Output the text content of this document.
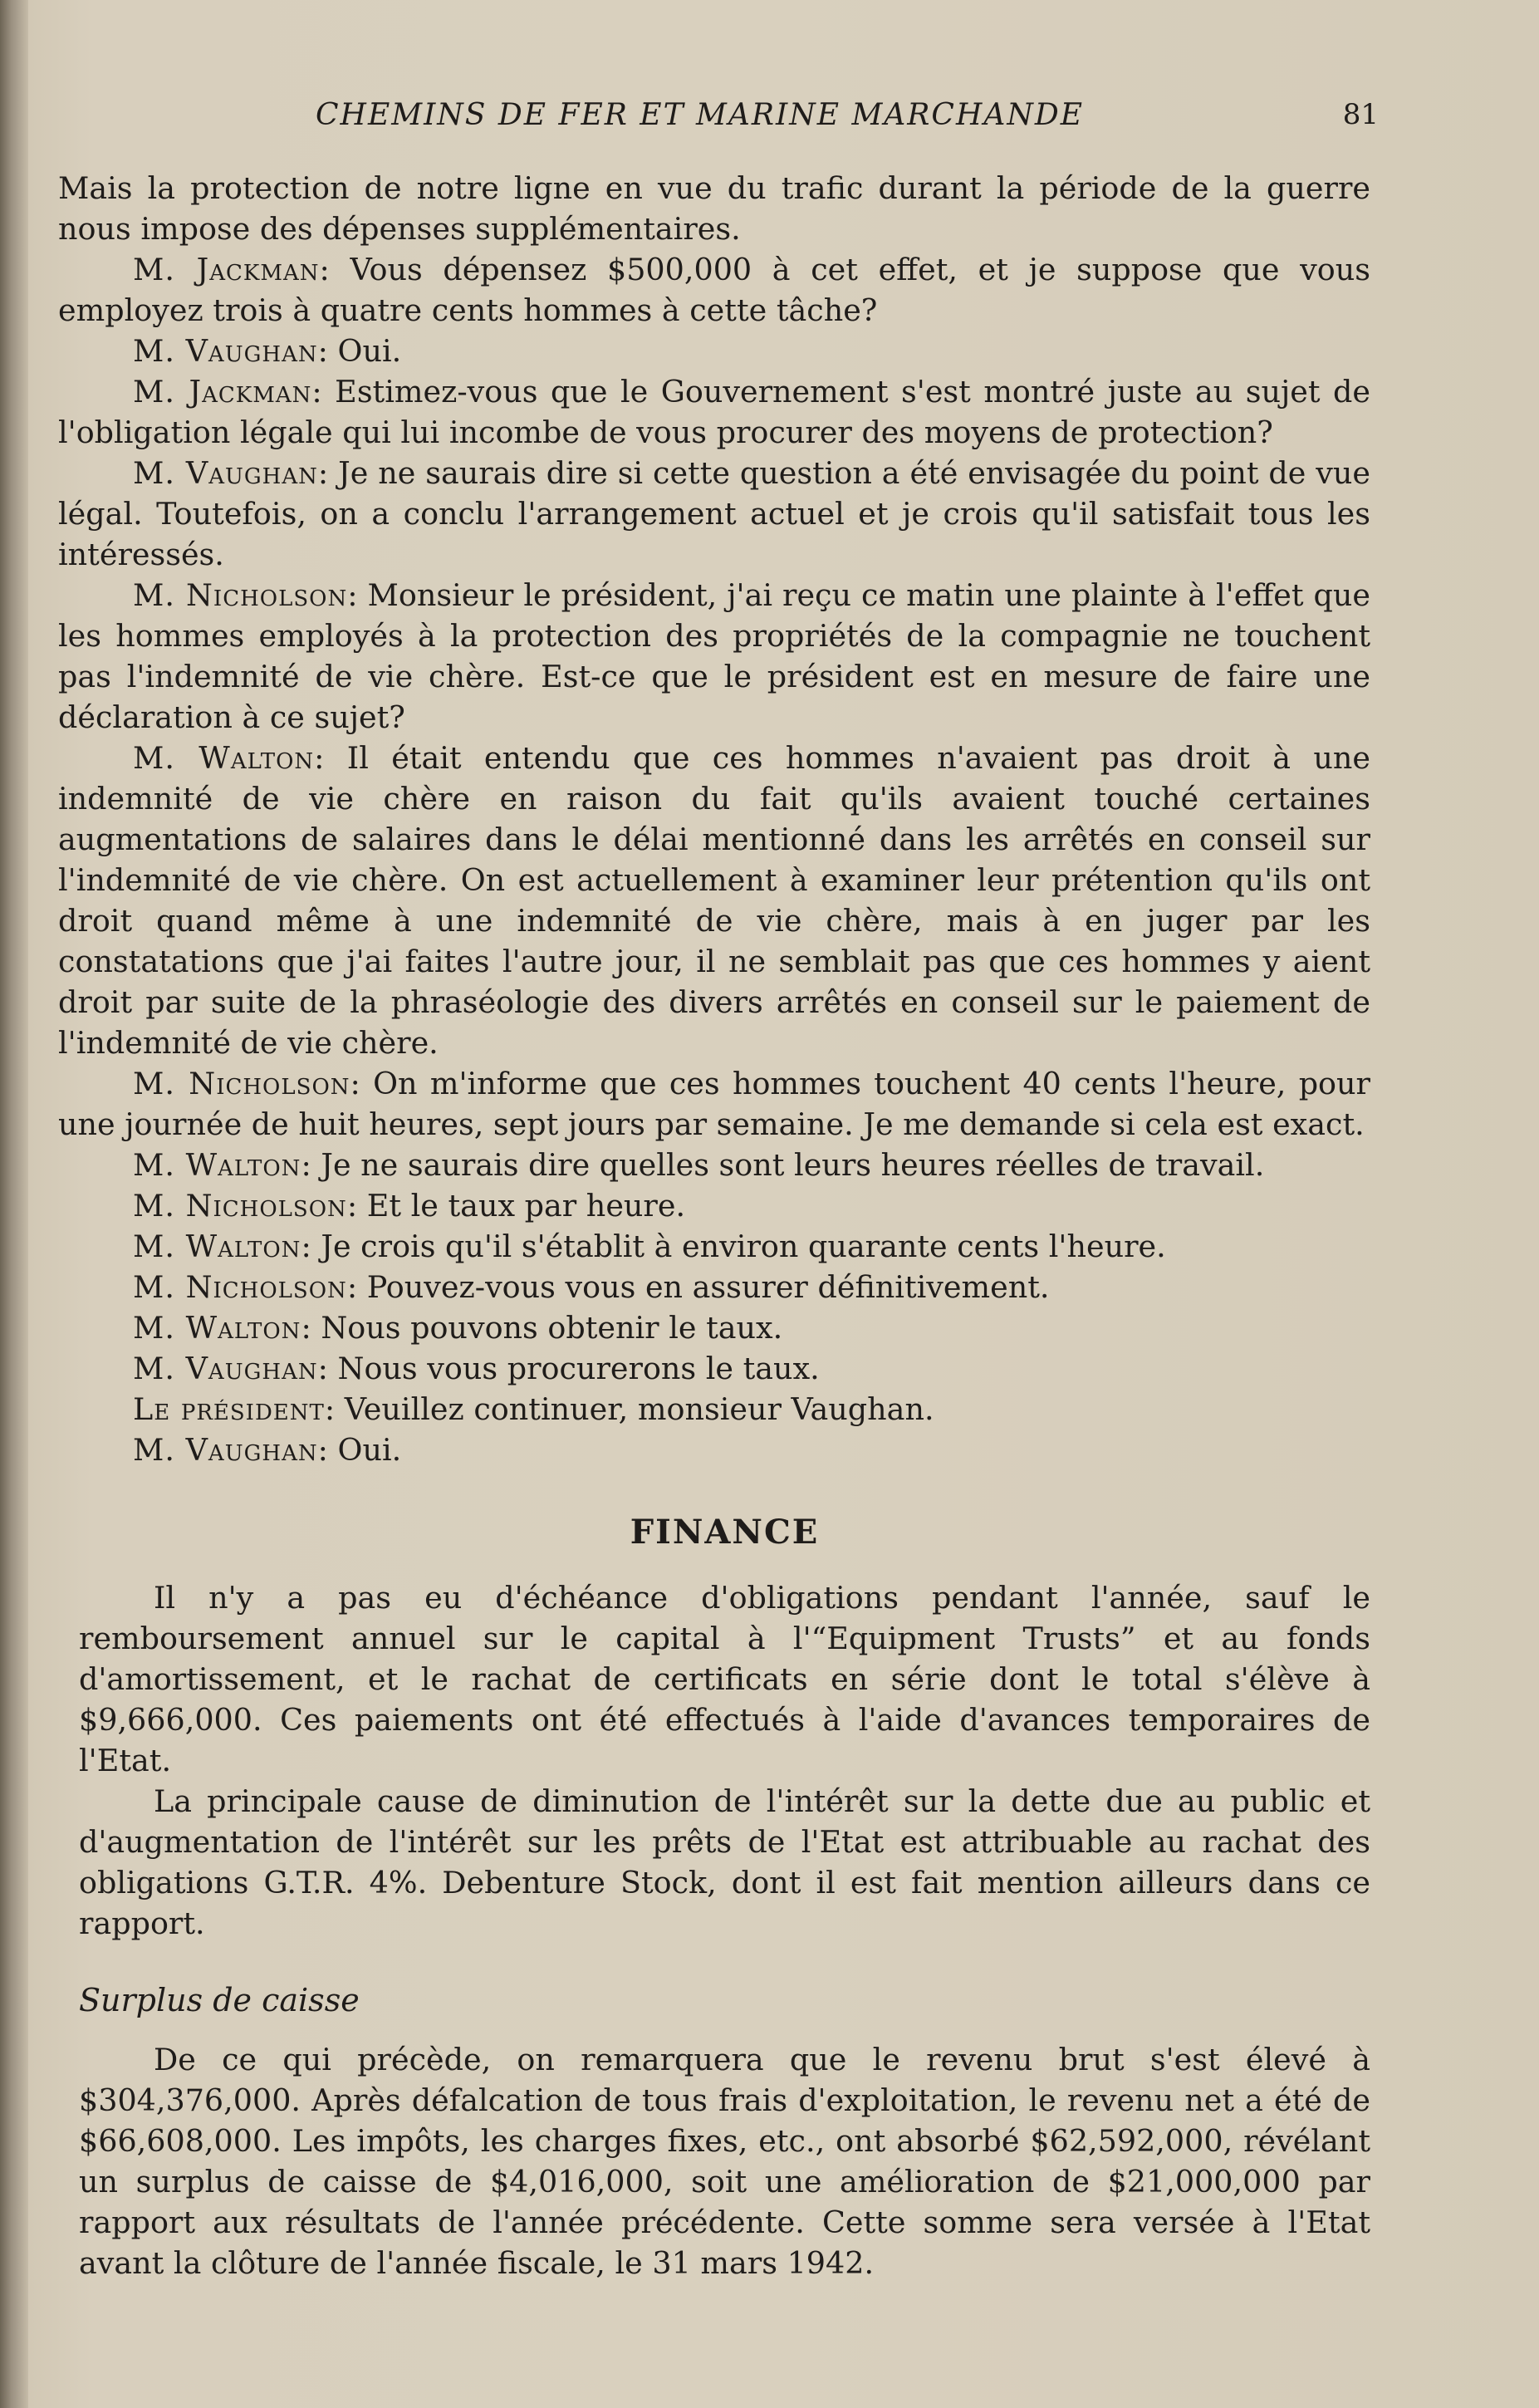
CHEMINS DE FER ET MARINE MARCHANDE	81

Mais la protection de notre ligne en vue du trafic durant la période de la guerre nous impose des dépenses supplémentaires.

M. Jackman: Vous dépensez $500,000 à cet effet, et je suppose que vous employez trois à quatre cents hommes à cette tâche?

M. Vaughan: Oui.

M. Jackman: Estimez-vous que le Gouvernement s'est montré juste au sujet de l'obligation légale qui lui incombe de vous procurer des moyens de protection?

M. Vaughan: Je ne saurais dire si cette question a été envisagée du point de vue légal. Toutefois, on a conclu l'arrangement actuel et je crois qu'il satisfait tous les intéressés.

M. Nicholson: Monsieur le président, j'ai reçu ce matin une plainte à l'effet que les hommes employés à la protection des propriétés de la compagnie ne touchent pas l'indemnité de vie chère. Est-ce que le président est en mesure de faire une déclaration à ce sujet?

M. Walton: Il était entendu que ces hommes n'avaient pas droit à une indemnité de vie chère en raison du fait qu'ils avaient touché certaines augmentations de salaires dans le délai mentionné dans les arrêtés en conseil sur l'indemnité de vie chère. On est actuellement à examiner leur prétention qu'ils ont droit quand même à une indemnité de vie chère, mais à en juger par les constatations que j'ai faites l'autre jour, il ne semblait pas que ces hommes y aient droit par suite de la phraséologie des divers arrêtés en conseil sur le paiement de l'indemnité de vie chère.

M. Nicholson: On m'informe que ces hommes touchent 40 cents l'heure, pour une journée de huit heures, sept jours par semaine. Je me demande si cela est exact.

M. Walton: Je ne saurais dire quelles sont leurs heures réelles de travail.

M. Nicholson: Et le taux par heure.

M. Walton: Je crois qu'il s'établit à environ quarante cents l'heure.

M. Nicholson: Pouvez-vous vous en assurer définitivement.

M. Walton: Nous pouvons obtenir le taux.

M. Vaughan: Nous vous procurerons le taux.

Le président: Veuillez continuer, monsieur Vaughan.

M. Vaughan: Oui.

FINANCE

Il n'y a pas eu d'échéance d'obligations pendant l'année, sauf le remboursement annuel sur le capital à l'“Equipment Trusts” et au fonds d'amortissement, et le rachat de certificats en série dont le total s'élève à $9,666,000. Ces paiements ont été effectués à l'aide d'avances temporaires de l'Etat.

La principale cause de diminution de l'intérêt sur la dette due au public et d'augmentation de l'intérêt sur les prêts de l'Etat est attribuable au rachat des obligations G.T.R. 4%. Debenture Stock, dont il est fait mention ailleurs dans ce rapport.

Surplus de caisse

De ce qui précède, on remarquera que le revenu brut s'est élevé à $304,376,000. Après défalcation de tous frais d'exploitation, le revenu net a été de $66,608,000. Les impôts, les charges fixes, etc., ont absorbé $62,592,000, révélant un surplus de caisse de $4,016,000, soit une amélioration de $21,000,000 par rapport aux résultats de l'année précédente. Cette somme sera versée à l'Etat avant la clôture de l'année fiscale, le 31 mars 1942.
